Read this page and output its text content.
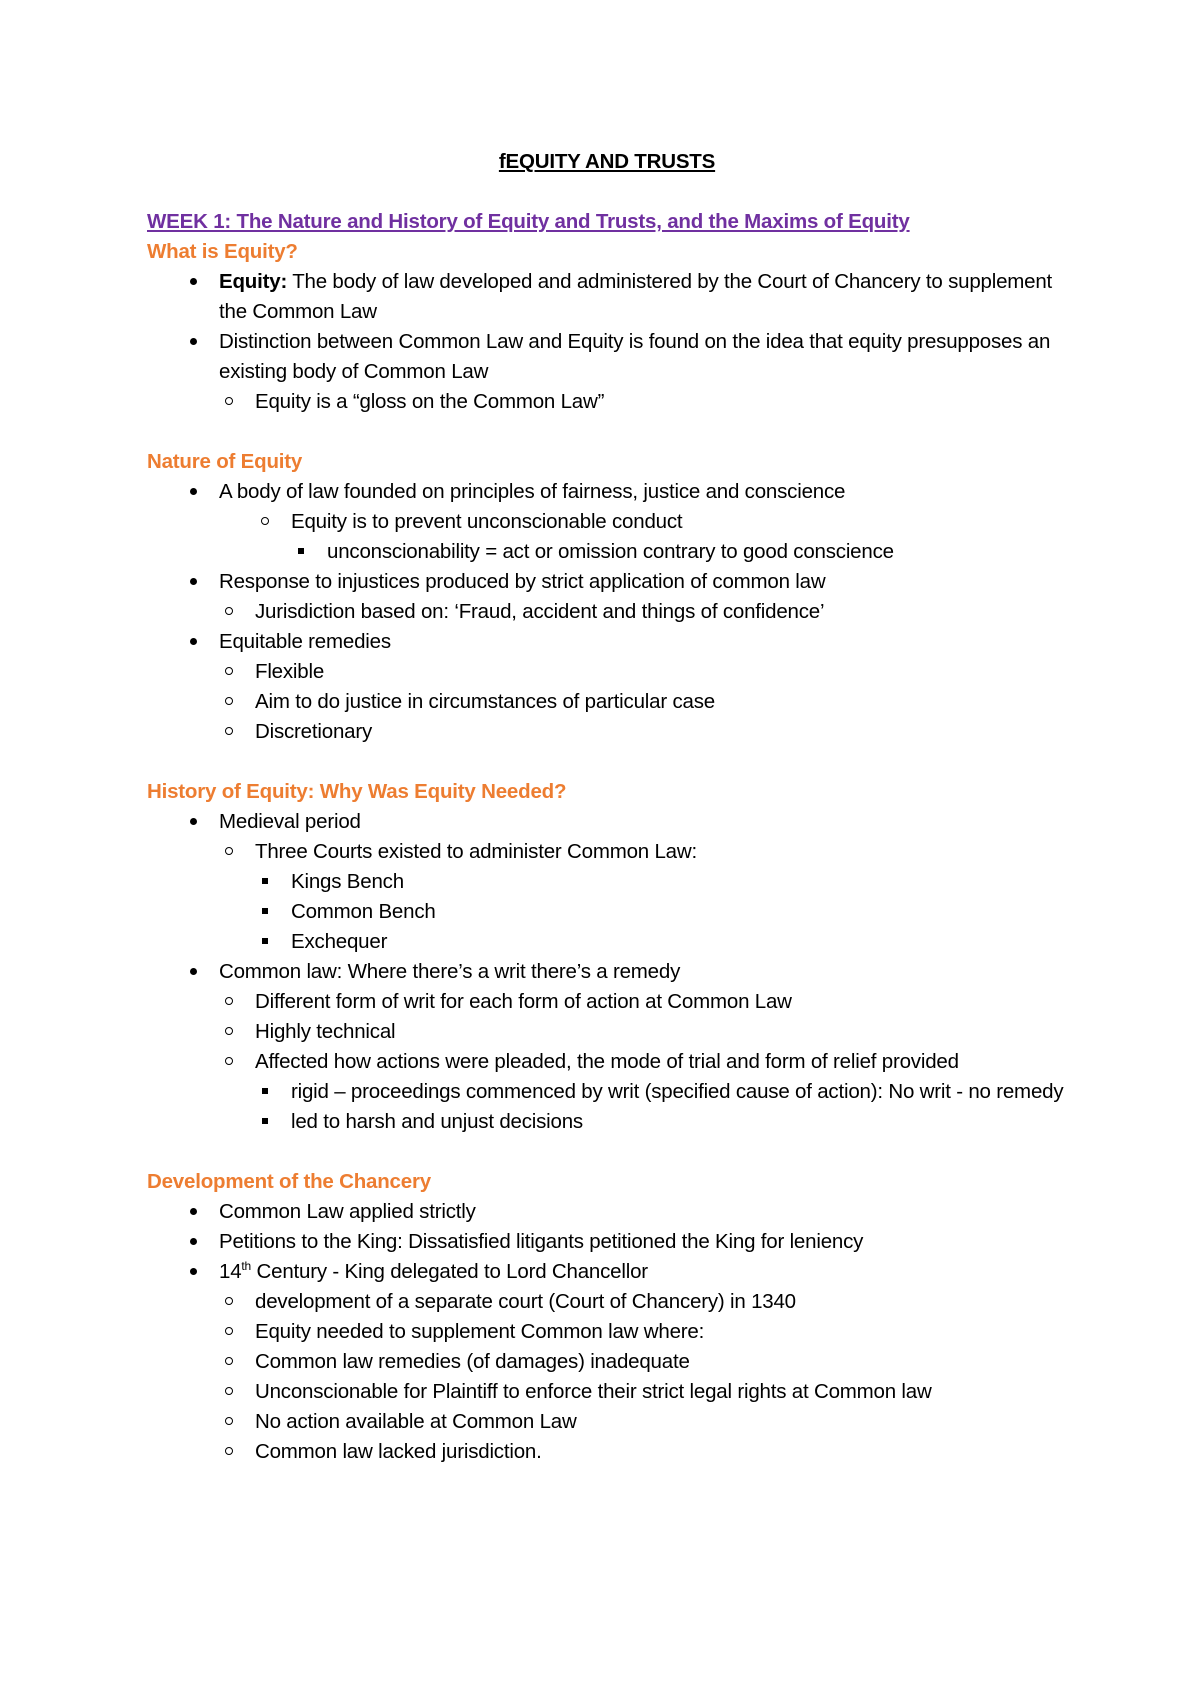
fEQUITY AND TRUSTS

WEEK 1: The Nature and History of Equity and Trusts, and the Maxims of Equity

What is Equity?

Equity: The body of law developed and administered by the Court of Chancery to supplement the Common Law
Distinction between Common Law and Equity is found on the idea that equity presupposes an existing body of Common Law
Equity is a “gloss on the Common Law”

Nature of Equity

A body of law founded on principles of fairness, justice and conscience
Equity is to prevent unconscionable conduct
unconscionability = act or omission contrary to good conscience
Response to injustices produced by strict application of common law
Jurisdiction based on: ‘Fraud, accident and things of confidence’
Equitable remedies
Flexible
Aim to do justice in circumstances of particular case
Discretionary

History of Equity: Why Was Equity Needed?

Medieval period
Three Courts existed to administer Common Law:
Kings Bench
Common Bench
Exchequer
Common law: Where there’s a writ there’s a remedy
Different form of writ for each form of action at Common Law
Highly technical
Affected how actions were pleaded, the mode of trial and form of relief provided
rigid – proceedings commenced by writ (specified cause of action): No writ - no remedy
led to harsh and unjust decisions

Development of the Chancery

Common Law applied strictly
Petitions to the King: Dissatisfied litigants petitioned the King for leniency
14th Century - King delegated to Lord Chancellor
development of a separate court (Court of Chancery) in 1340
Equity needed to supplement Common law where:
Common law remedies (of damages) inadequate
Unconscionable for Plaintiff to enforce their strict legal rights at Common law
No action available at Common Law
Common law lacked jurisdiction.
